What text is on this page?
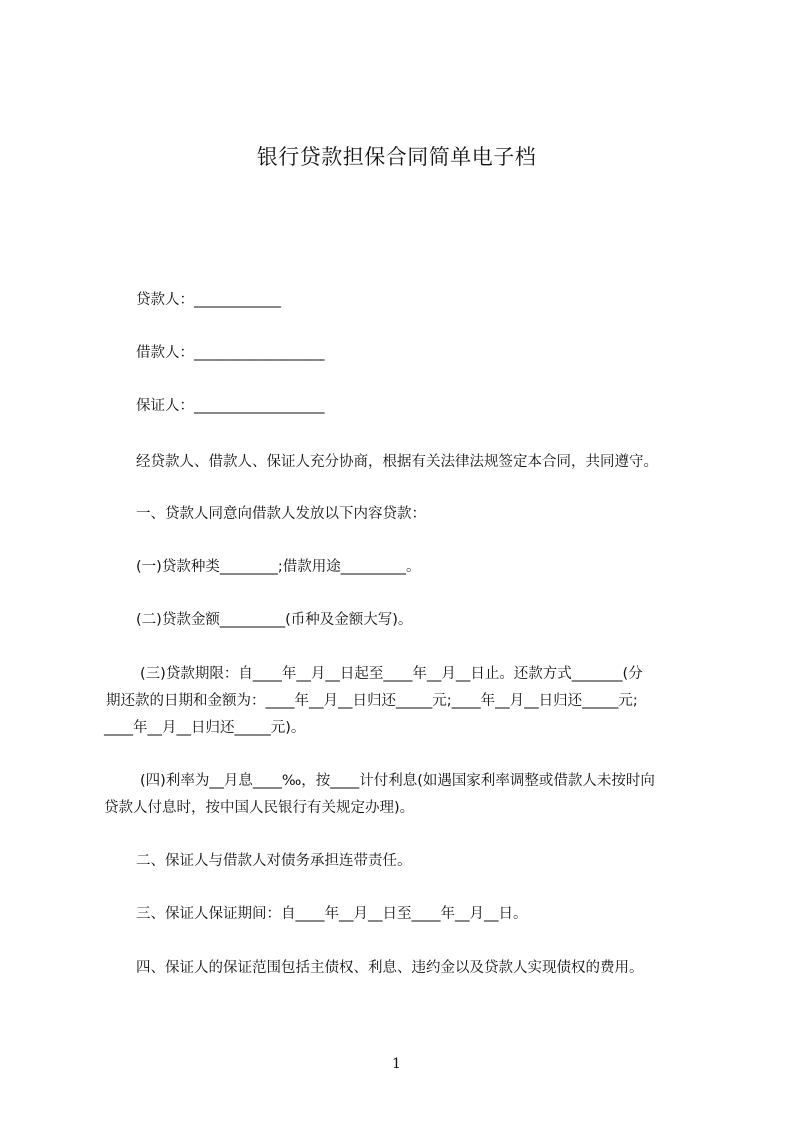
银行贷款担保合同简单电子档
贷款人：____________
借款人：__________________
保证人：__________________
经贷款人、借款人、保证人充分协商，根据有关法律法规签定本合同，共同遵守。
一、贷款人同意向借款人发放以下内容贷款：
(一)贷款种类________;借款用途_________。
(二)贷款金额_________(币种及金额大写)。
(三)贷款期限：自____年__月__日起至____年__月__日止。还款方式_______(分
期还款的日期和金额为：____年__月__日归还_____元;____年__月__日归还_____元;
____年__月__日归还_____元)。
(四)利率为__月息____‰，按____计付利息(如遇国家利率调整或借款人未按时向
贷款人付息时，按中国人民银行有关规定办理)。
二、保证人与借款人对债务承担连带责任。
三、保证人保证期间：自____年__月__日至____年__月__日。
四、保证人的保证范围包括主债权、利息、违约金以及贷款人实现债权的费用。
1
